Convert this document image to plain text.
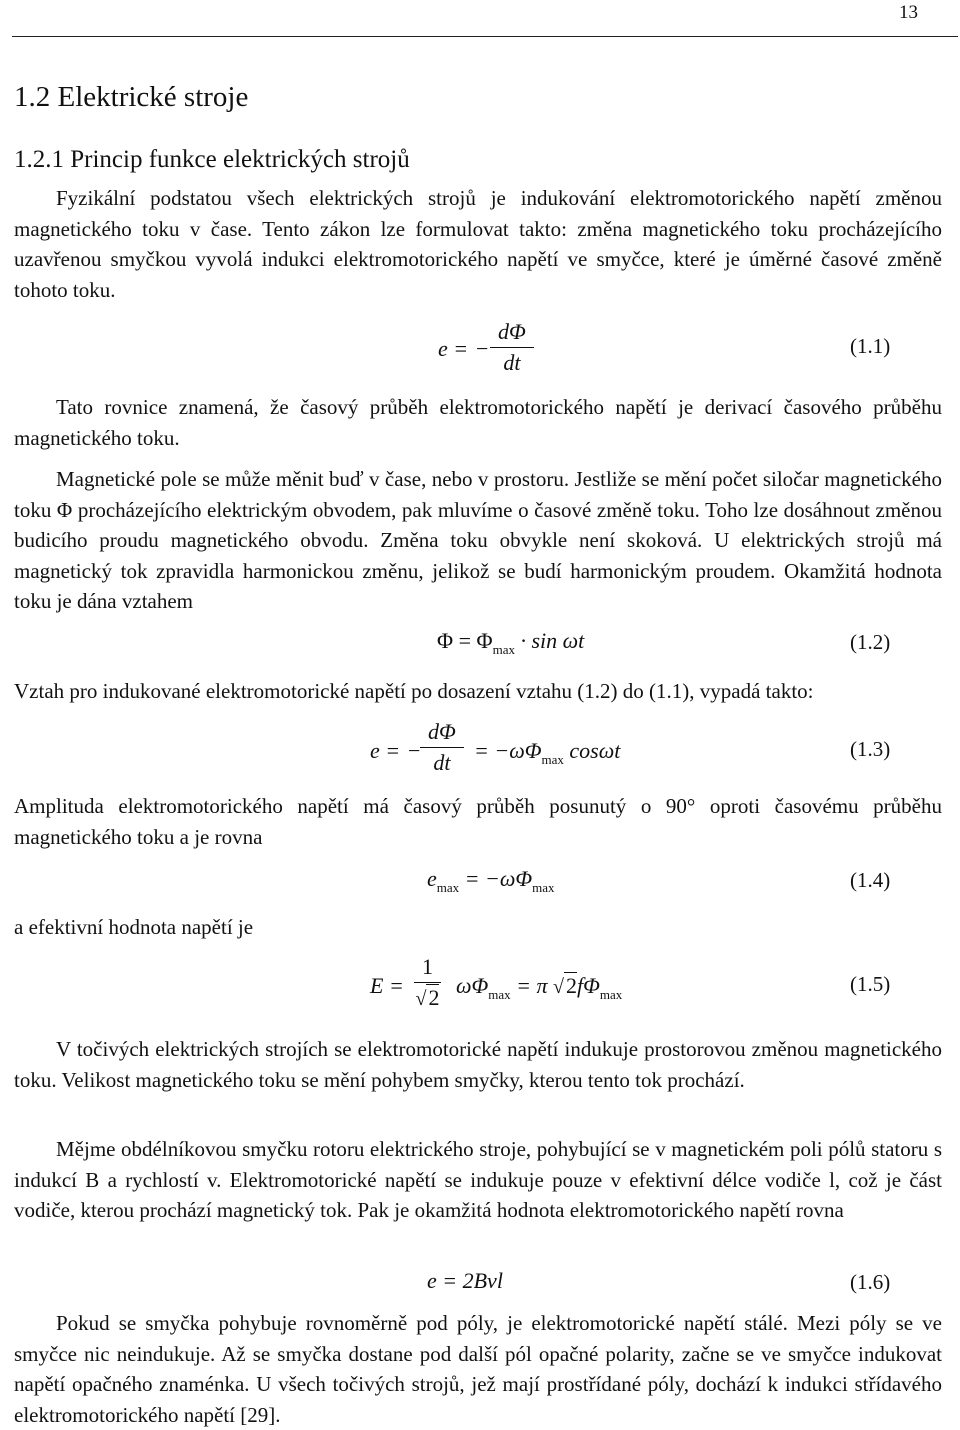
13
1.2 Elektrické stroje
1.2.1 Princip funkce elektrických strojů
Fyzikální podstatou všech elektrických strojů je indukování elektromotorického napětí změnou magnetického toku v čase. Tento zákon lze formulovat takto: změna magnetického toku procházejícího uzavřenou smyčkou vyvolá indukci elektromotorického napětí ve smyčce, které je úměrné časové změně tohoto toku.
e = − $\frac{d\Phi}{dt}$	(1.1)
Tato rovnice znamená, že časový průběh elektromotorického napětí je derivací časového průběhu magnetického toku.
Magnetické pole se může měnit buď v čase, nebo v prostoru. Jestliže se mění počet siločar magnetického toku Φ procházejícího elektrickým obvodem, pak mluvíme o časové změně toku. Toho lze dosáhnout změnou budicího proudu magnetického obvodu. Změna toku obvykle není skoková. U elektrických strojů má magnetický tok zpravidla harmonickou změnu, jelikož se budí harmonickým proudem. Okamžitá hodnota toku je dána vztahem
$\Phi = \Phi_{max} \cdot \sin \omega t$	(1.2)
Vztah pro indukované elektromotorické napětí po dosazení vztahu (1.2) do (1.1), vypadá takto:
e = − $\frac{d\Phi}{dt} = -\omega\Phi_{max}$ cosωt	(1.3)
Amplituda elektromotorického napětí má časový průběh posunutý o 90° oproti časovému průběhu magnetického toku a je rovna
$e_{max} = -\omega\Phi_{max}$	(1.4)
a efektivní hodnota napětí je
$E = \frac{1}{√2} \omega\Phi_{max} = \pi$ $√2f\Phi_{max}$	(1.5)
V točivých elektrických strojích se elektromotorické napětí indukuje prostorovou změnou magnetického toku. Velikost magnetického toku se mění pohybem smyčky, kterou tento tok prochází.
Mějme obdélníkovou smyčku rotoru elektrického stroje, pohybující se v magnetickém poli pólů statoru s indukcí B a rychlostí v. Elektromotorické napětí se indukuje pouze v efektivní délce vodiče l, což je část vodiče, kterou prochází magnetický tok. Pak je okamžitá hodnota elektromotorického napětí rovna
e = 2Bvl	(1.6)
Pokud se smyčka pohybuje rovnoměrně pod póly, je elektromotorické napětí stálé. Mezi póly se ve smyčce nic neindukuje. Až se smyčka dostane pod další pól opačné polarity, začne se ve smyčce indukovat napětí opačného znaménka. U všech točivých strojů, jež mají prostřídané póly, dochází k indukci střídavého elektromotorického napětí [29].
